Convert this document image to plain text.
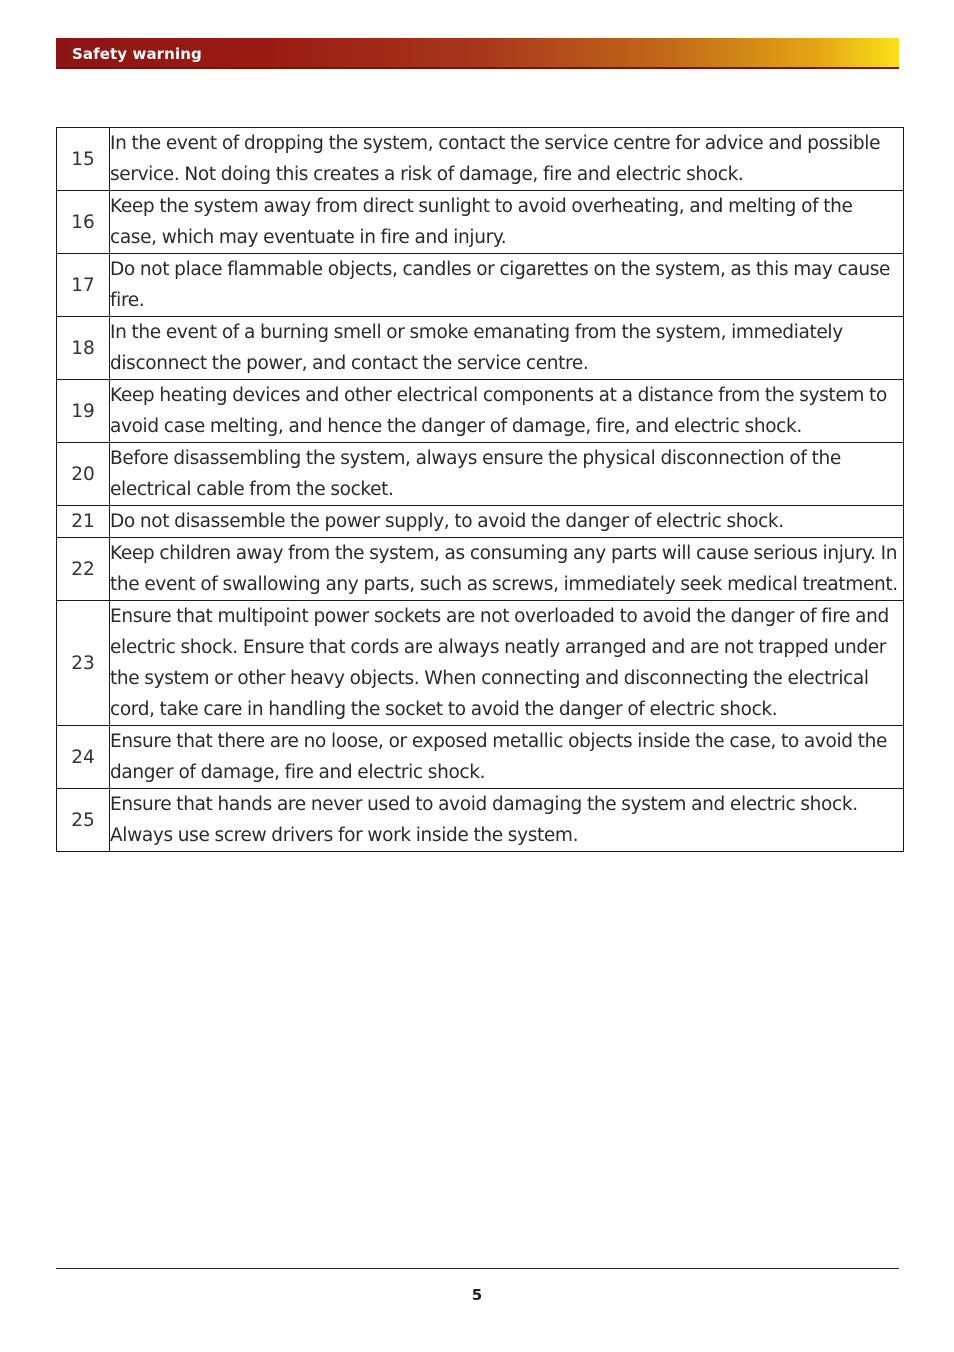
Safety warning
15	In the event of dropping the system, contact the service centre for advice and possible service. Not doing this creates a risk of damage, fire and electric shock.
16	Keep the system away from direct sunlight to avoid overheating, and melting of the case, which may eventuate in fire and injury.
17	Do not place flammable objects, candles or cigarettes on the system, as this may cause fire.
18	In the event of a burning smell or smoke emanating from the system, immediately disconnect the power, and contact the service centre.
19	Keep heating devices and other electrical components at a distance from the system to avoid case melting, and hence the danger of damage, fire, and electric shock.
20	Before disassembling the system, always ensure the physical disconnection of the electrical cable from the socket.
21	Do not disassemble the power supply, to avoid the danger of electric shock.
22	Keep children away from the system, as consuming any parts will cause serious injury. In the event of swallowing any parts, such as screws, immediately seek medical treatment.
23	Ensure that multipoint power sockets are not overloaded to avoid the danger of fire and electric shock. Ensure that cords are always neatly arranged and are not trapped under the system or other heavy objects. When connecting and disconnecting the electrical cord, take care in handling the socket to avoid the danger of electric shock.
24	Ensure that there are no loose, or exposed metallic objects inside the case, to avoid the danger of damage, fire and electric shock.
25	Ensure that hands are never used to avoid damaging the system and electric shock. Always use screw drivers for work inside the system.
5
